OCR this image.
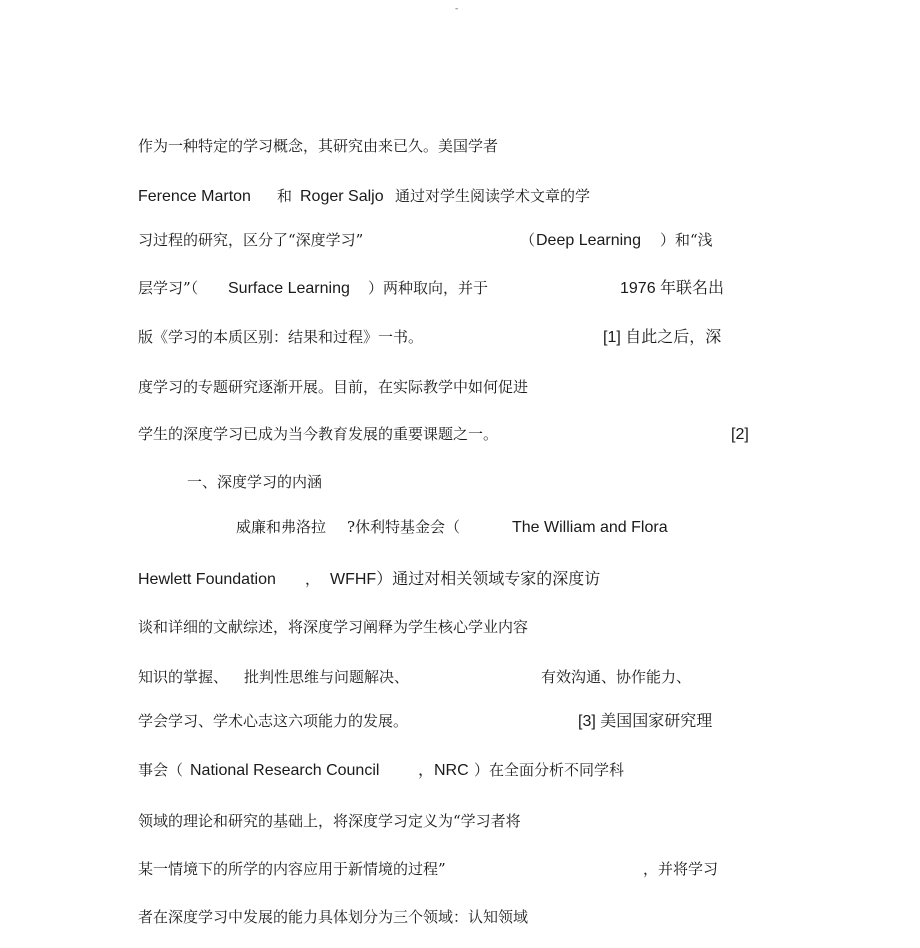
-
作为一种特定的学习概念，其研究由来已久。美国学者
Ference Marton 和 Roger Saljo 通过对学生阅读学术文章的学
习过程的研究，区分了“深度学习”	（ Deep Learning ）和“浅
层学习”（ Surface Learning ）两种取向，并于	1976 年联名出
版《学习的本质区别：结果和过程》一书。	[1] 自此之后，深
度学习的专题研究逐渐开展。目前，在实际教学中如何促进
学生的深度学习已成为当今教育发展的重要课题之一。	[2]
一、深度学习的内涵
威廉和弗洛拉 ?休利特基金会（	The William and Flora
Hewlett Foundation ， WFHF）通过对相关领域专家的深度访
谈和详细的文献综述，将深度学习阐释为学生核心学业内容
知识的掌握、 批判性思维与问题解决、	有效沟通、协作能力、
学会学习、学术心志这六项能力的发展。	[3] 美国国家研究理
事会（ National Research Council ，NRC ）在全面分析不同学科
领域的理论和研究的基础上，将深度学习定义为“学习者将
某一情境下的所学的内容应用于新情境的过程”	，并将学习
者在深度学习中发展的能力具体划分为三个领域：认知领域
